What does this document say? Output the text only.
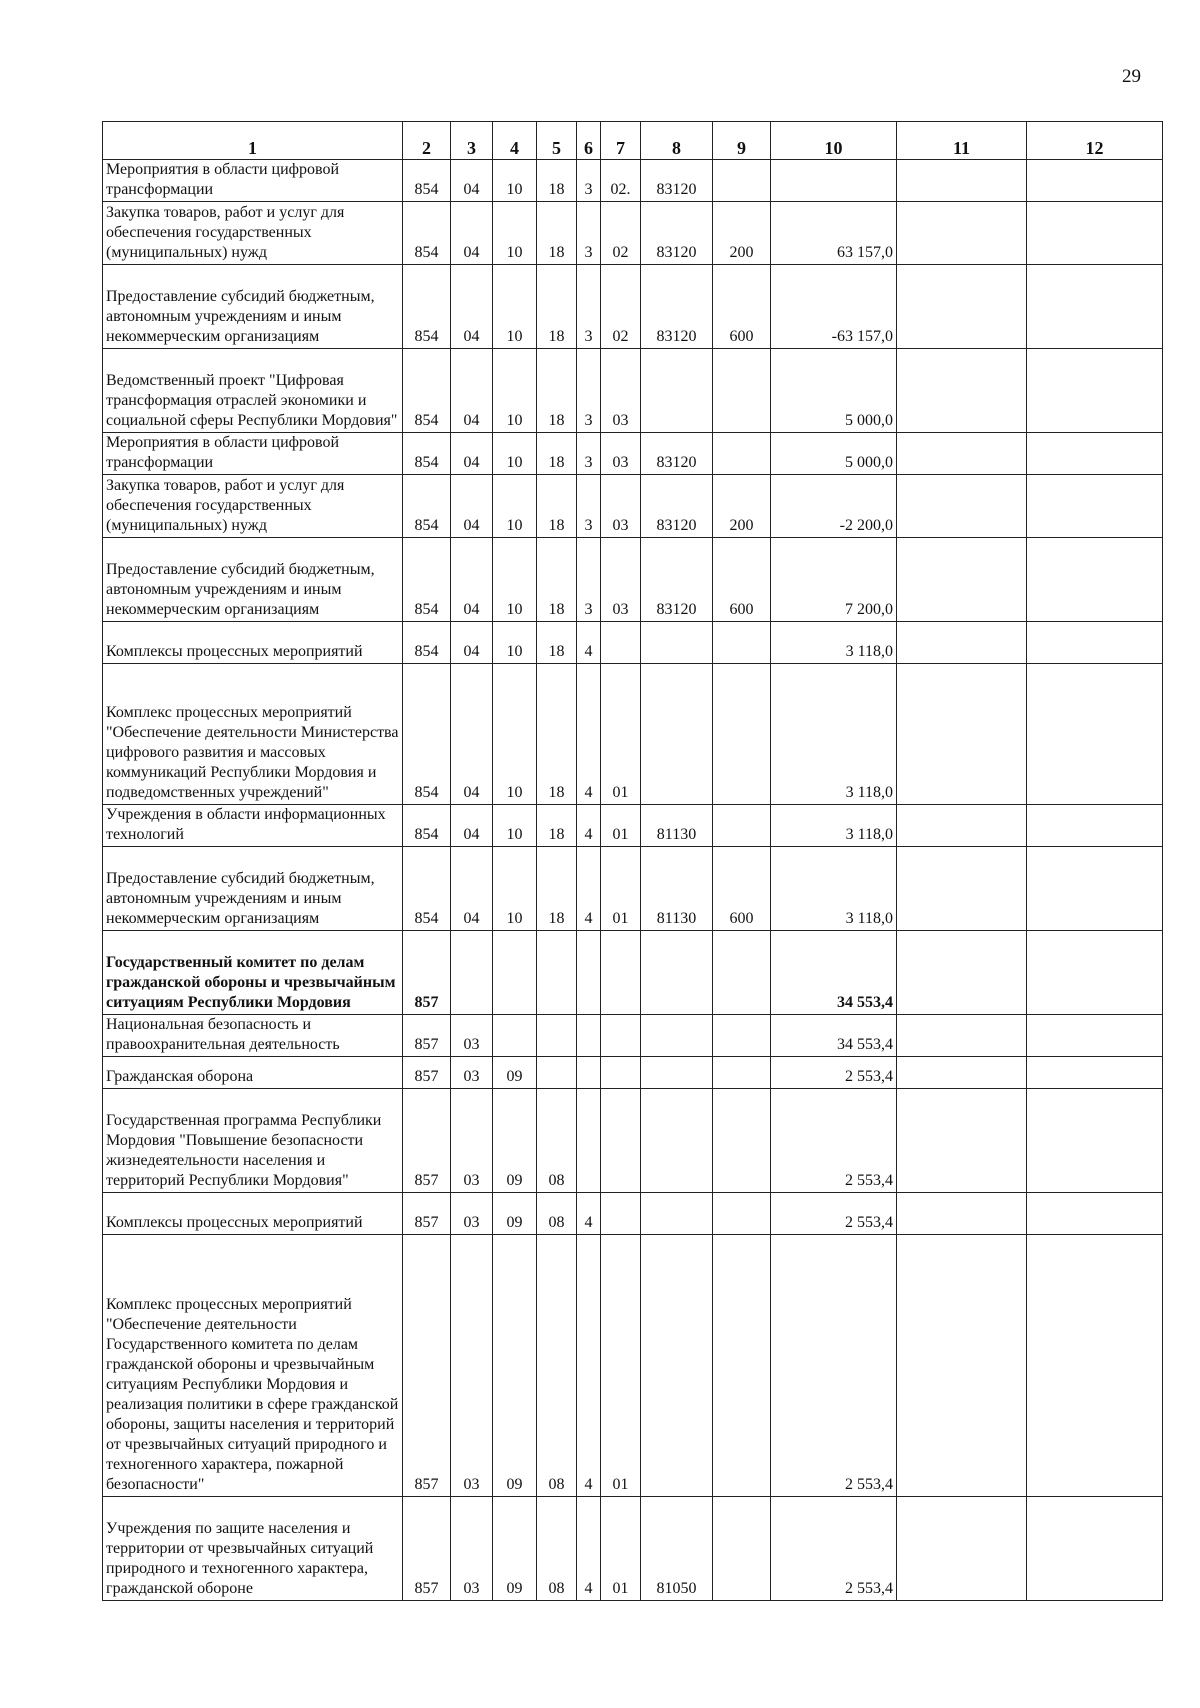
29
1	2	3	4	5	6	7	8	9	10	11	12
Мероприятия в области цифровой трансформации	854	04	10	18	3	02.	83120				
Закупка товаров, работ и услуг для обеспечения государственных (муниципальных) нужд	854	04	10	18	3	02	83120	200	63 157,0		
Предоставление субсидий бюджетным, автономным учреждениям и иным некоммерческим организациям	854	04	10	18	3	02	83120	600	-63 157,0		
Ведомственный проект "Цифровая трансформация отраслей экономики и социальной сферы Республики Мордовия"	854	04	10	18	3	03			5 000,0		
Мероприятия в области цифровой трансформации	854	04	10	18	3	03	83120		5 000,0		
Закупка товаров, работ и услуг для обеспечения государственных (муниципальных) нужд	854	04	10	18	3	03	83120	200	-2 200,0		
Предоставление субсидий бюджетным, автономным учреждениям и иным некоммерческим организациям	854	04	10	18	3	03	83120	600	7 200,0		
Комплексы процессных мероприятий	854	04	10	18	4				3 118,0		
Комплекс процессных мероприятий "Обеспечение деятельности Министерства цифрового развития и массовых коммуникаций Республики Мордовия и подведомственных учреждений"	854	04	10	18	4	01			3 118,0		
Учреждения в области информационных технологий	854	04	10	18	4	01	81130		3 118,0		
Предоставление субсидий бюджетным, автономным учреждениям и иным некоммерческим организациям	854	04	10	18	4	01	81130	600	3 118,0		
Государственный комитет по делам гражданской обороны и чрезвычайным ситуациям Республики Мордовия	857								34 553,4		
Национальная безопасность и правоохранительная деятельность	857	03							34 553,4		
Гражданская оборона	857	03	09						2 553,4		
Государственная программа Республики Мордовия "Повышение безопасности жизнедеятельности населения и территорий Республики Мордовия"	857	03	09	08					2 553,4		
Комплексы процессных мероприятий	857	03	09	08	4				2 553,4		
Комплекс процессных мероприятий "Обеспечение деятельности Государственного комитета по делам гражданской обороны и чрезвычайным ситуациям Республики Мордовия и реализация политики в сфере гражданской обороны, защиты населения и территорий от чрезвычайных ситуаций природного и техногенного характера, пожарной безопасности"	857	03	09	08	4	01			2 553,4		
Учреждения по защите населения и территории от чрезвычайных ситуаций природного и техногенного характера, гражданской обороне	857	03	09	08	4	01	81050		2 553,4		
